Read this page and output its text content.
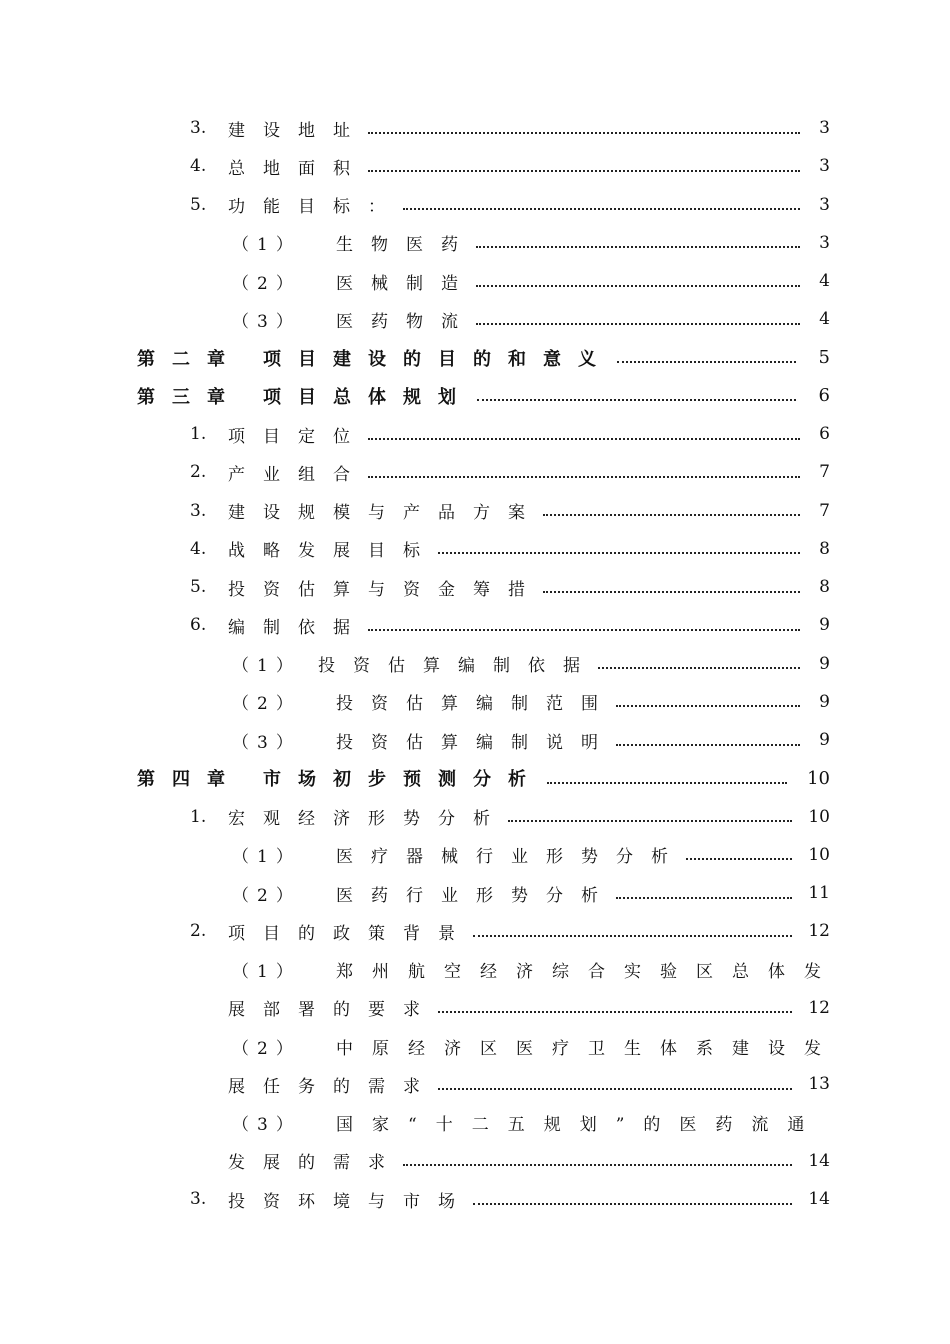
3.	建设地址	3
4.	总地面积	3
5.	功能目标：	3
（1）	生物医药	3
（2）	医械制造	4
（3）	医药物流	4
第二章	项目建设的目的和意义	5
第三章	项目总体规划	6
1.	项目定位	6
2.	产业组合	7
3.	建设规模与产品方案	7
4.	战略发展目标	8
5.	投资估算与资金筹措	8
6.	编制依据	9
（1）	投资估算编制依据	9
（2）	投资估算编制范围	9
（3）	投资估算编制说明	9
第四章	市场初步预测分析	10
1.	宏观经济形势分析	10
（1）	医疗器械行业形势分析	10
（2）	医药行业形势分析	11
2.	项目的政策背景	12
（1）	郑州航空经济综合实验区总体发
展部署的要求	12
（2）	中原经济区医疗卫生体系建设发
展任务的需求	13
（3）	国家“十二五规划”的医药流通
发展的需求	14
3.	投资环境与市场	14
